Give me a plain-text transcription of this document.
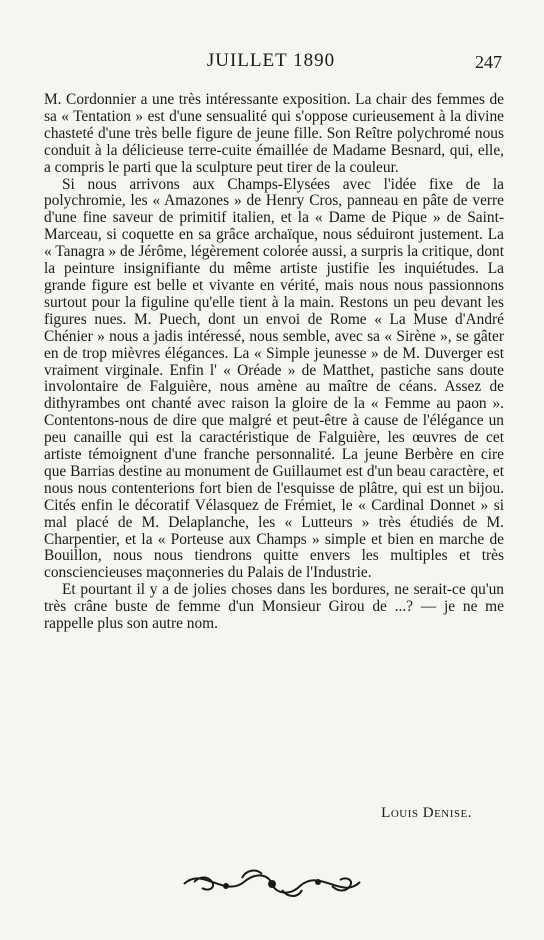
JUILLET 1890	247

M. Cordonnier a une très intéressante exposition. La chair des femmes de sa « Tentation » est d'une sensualité qui s'oppose curieusement à la divine chasteté d'une très belle figure de jeune fille. Son Reître polychromé nous conduit à la délicieuse terre-cuite émaillée de Madame Besnard, qui, elle, a compris le parti que la sculpture peut tirer de la couleur.

Si nous arrivons aux Champs-Elysées avec l'idée fixe de la polychromie, les « Amazones » de Henry Cros, panneau en pâte de verre d'une fine saveur de primitif italien, et la « Dame de Pique » de Saint-Marceau, si coquette en sa grâce archaïque, nous séduiront justement. La « Tanagra » de Jérôme, légèrement colorée aussi, a surpris la critique, dont la peinture insignifiante du même artiste justifie les inquiétudes. La grande figure est belle et vivante en vérité, mais nous nous passionnons surtout pour la figuline qu'elle tient à la main. Restons un peu devant les figures nues. M. Puech, dont un envoi de Rome « La Muse d'André Chénier » nous a jadis intéressé, nous semble, avec sa « Sirène », se gâter en de trop mièvres élégances. La « Simple jeunesse » de M. Duverger est vraiment virginale. Enfin l' « Oréade » de Matthet, pastiche sans doute involontaire de Falguière, nous amène au maître de céans. Assez de dithyrambes ont chanté avec raison la gloire de la « Femme au paon ». Contentons-nous de dire que malgré et peut-être à cause de l'élégance un peu canaille qui est la caractéristique de Falguière, les œuvres de cet artiste témoignent d'une franche personnalité. La jeune Berbère en cire que Barrias destine au monument de Guillaumet est d'un beau caractère, et nous nous contenterions fort bien de l'esquisse de plâtre, qui est un bijou. Cités enfin le décoratif Vélasquez de Frémiet, le « Cardinal Donnet » si mal placé de M. Delaplanche, les « Lutteurs » très étudiés de M. Charpentier, et la « Porteuse aux Champs » simple et bien en marche de Bouillon, nous nous tiendrons quitte envers les multiples et très consciencieuses maçonneries du Palais de l'Industrie.

Et pourtant il y a de jolies choses dans les bordures, ne serait-ce qu'un très crâne buste de femme d'un Monsieur Girou de ...? — je ne me rappelle plus son autre nom.

Louis Denise.
